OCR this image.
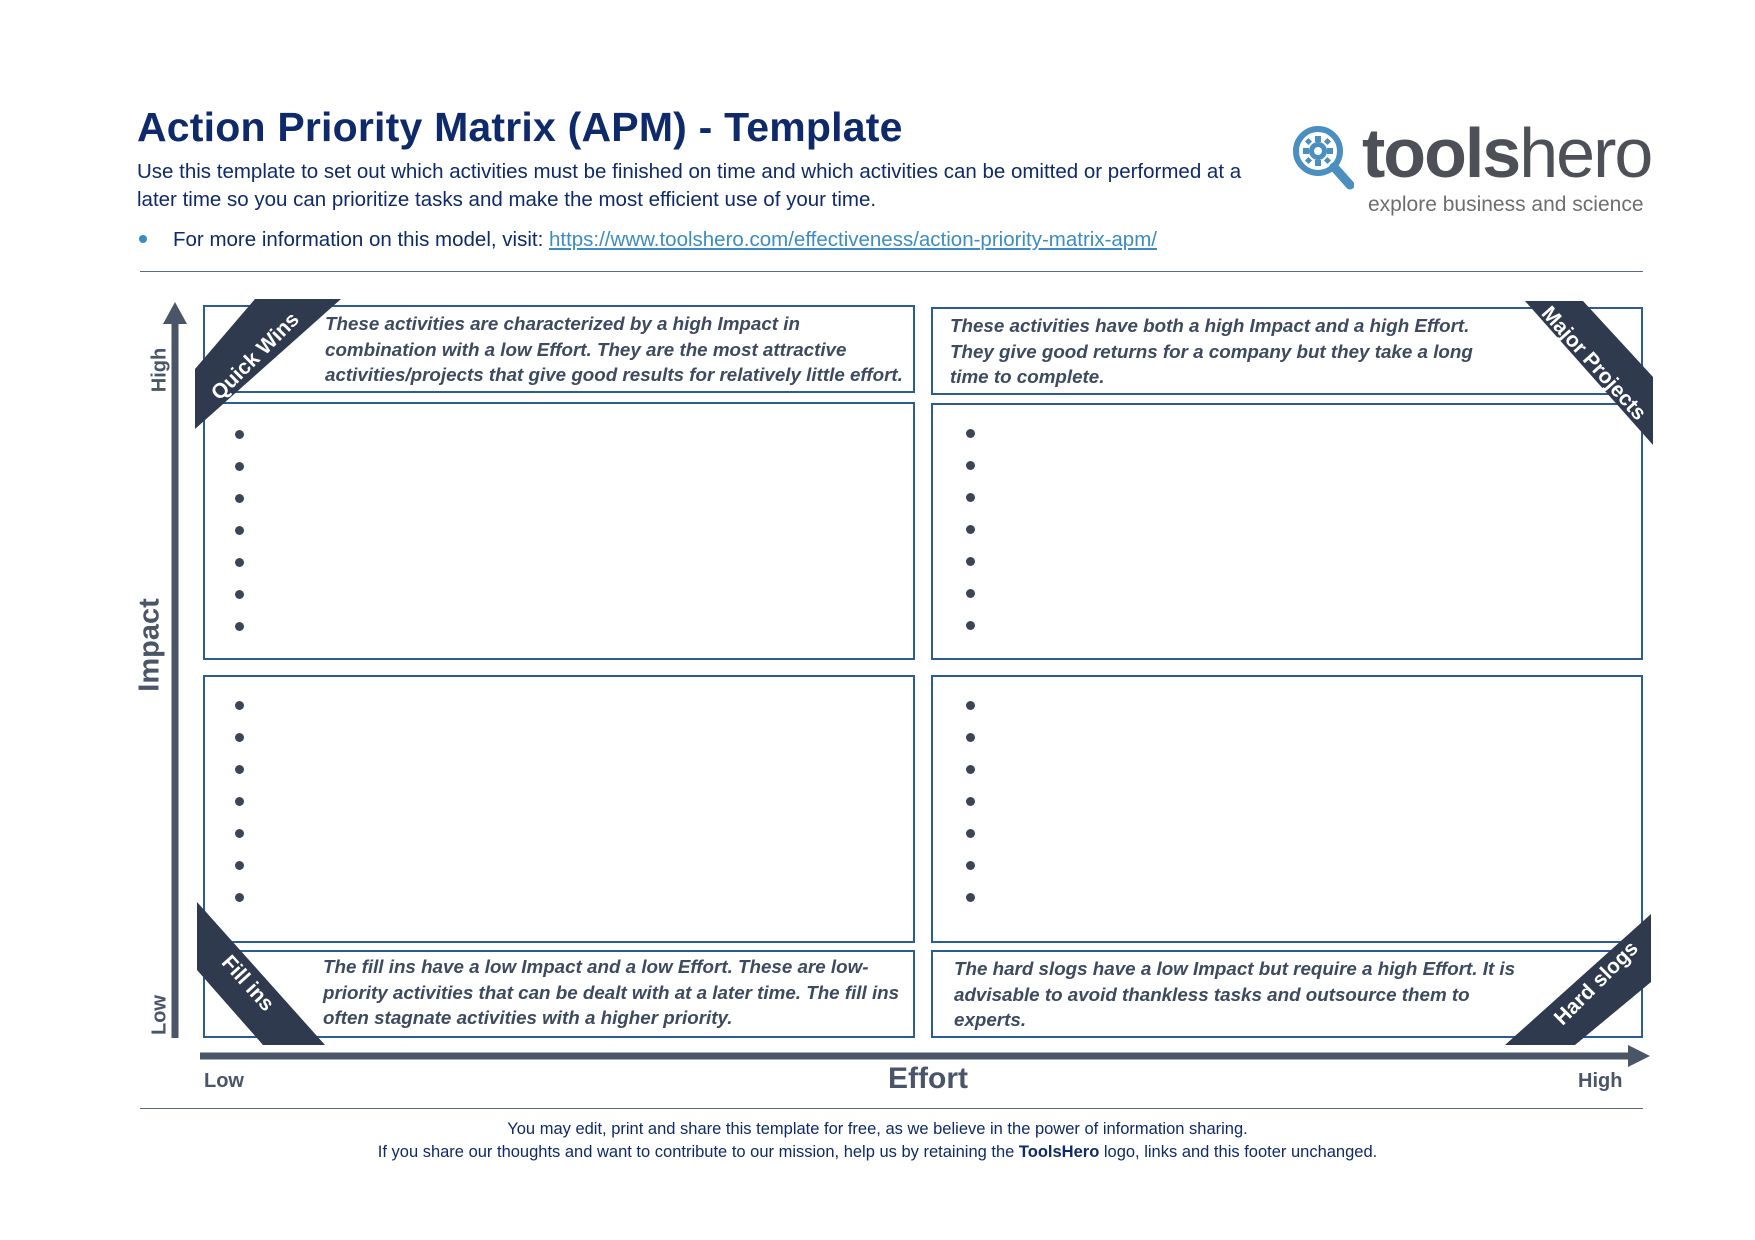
Action Priority Matrix (APM) - Template
Use this template to set out which activities must be finished on time and which activities can be omitted or performed at a later time so you can prioritize tasks and make the most efficient use of your time.
For more information on this model, visit: https://www.toolshero.com/effectiveness/action-priority-matrix-apm/
toolshero
explore business and science
High
Impact
Low
Low	Effort	High
These activities are characterized by a high Impact in combination with a low Effort. They are the most attractive activities/projects that give good results for relatively little effort.
These activities have both a high Impact and a high Effort. They give good returns for a company but they take a long time to complete.
The fill ins have a low Impact and a low Effort. These are low-priority activities that can be dealt with at a later time. The fill ins often stagnate activities with a higher priority.
The hard slogs have a low Impact but require a high Effort. It is advisable to avoid thankless tasks and outsource them to experts.
Quick Wins	Major Projects
Fill ins	Hard slogs
You may edit, print and share this template for free, as we believe in the power of information sharing.
If you share our thoughts and want to contribute to our mission, help us by retaining the ToolsHero logo, links and this footer unchanged.
